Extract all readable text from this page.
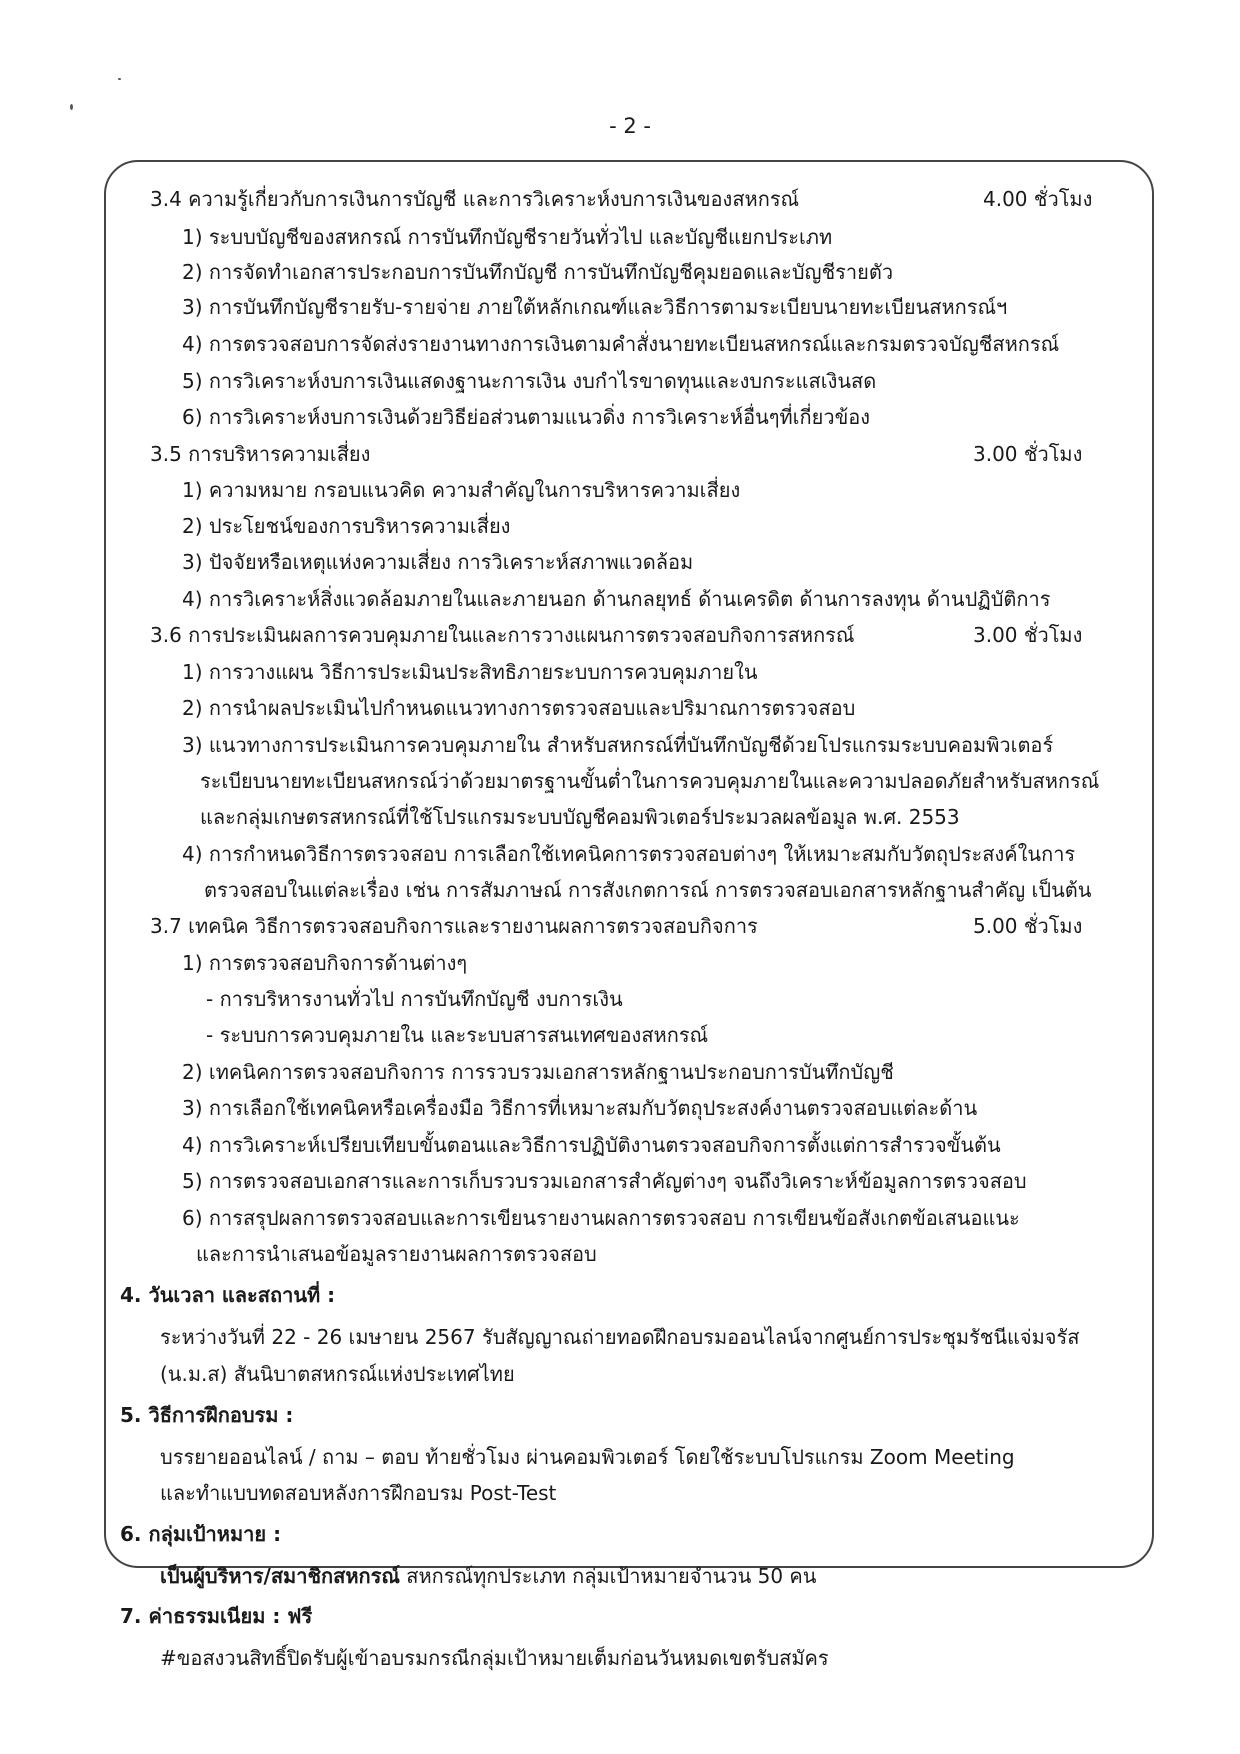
- 2 -
3.4 ความรู้เกี่ยวกับการเงินการบัญชี และการวิเคราะห์งบการเงินของสหกรณ์	4.00 ชั่วโมง
1) ระบบบัญชีของสหกรณ์ การบันทึกบัญชีรายวันทั่วไป และบัญชีแยกประเภท
2) การจัดทำเอกสารประกอบการบันทึกบัญชี การบันทึกบัญชีคุมยอดและบัญชีรายตัว
3) การบันทึกบัญชีรายรับ-รายจ่าย ภายใต้หลักเกณฑ์และวิธีการตามระเบียบนายทะเบียนสหกรณ์ฯ
4) การตรวจสอบการจัดส่งรายงานทางการเงินตามคำสั่งนายทะเบียนสหกรณ์และกรมตรวจบัญชีสหกรณ์
5) การวิเคราะห์งบการเงินแสดงฐานะการเงิน งบกำไรขาดทุนและงบกระแสเงินสด
6) การวิเคราะห์งบการเงินด้วยวิธีย่อส่วนตามแนวดิ่ง การวิเคราะห์อื่นๆที่เกี่ยวข้อง
3.5 การบริหารความเสี่ยง	3.00 ชั่วโมง
1) ความหมาย กรอบแนวคิด ความสำคัญในการบริหารความเสี่ยง
2) ประโยชน์ของการบริหารความเสี่ยง
3) ปัจจัยหรือเหตุแห่งความเสี่ยง การวิเคราะห์สภาพแวดล้อม
4) การวิเคราะห์สิ่งแวดล้อมภายในและภายนอก ด้านกลยุทธ์ ด้านเครดิต ด้านการลงทุน ด้านปฏิบัติการ
3.6 การประเมินผลการควบคุมภายในและการวางแผนการตรวจสอบกิจการสหกรณ์	3.00 ชั่วโมง
1) การวางแผน วิธีการประเมินประสิทธิภายระบบการควบคุมภายใน
2) การนำผลประเมินไปกำหนดแนวทางการตรวจสอบและปริมาณการตรวจสอบ
3) แนวทางการประเมินการควบคุมภายใน สำหรับสหกรณ์ที่บันทึกบัญชีด้วยโปรแกรมระบบคอมพิวเตอร์
ระเบียบนายทะเบียนสหกรณ์ว่าด้วยมาตรฐานขั้นต่ำในการควบคุมภายในและความปลอดภัยสำหรับสหกรณ์
และกลุ่มเกษตรสหกรณ์ที่ใช้โปรแกรมระบบบัญชีคอมพิวเตอร์ประมวลผลข้อมูล พ.ศ. 2553
4) การกำหนดวิธีการตรวจสอบ การเลือกใช้เทคนิคการตรวจสอบต่างๆ ให้เหมาะสมกับวัตถุประสงค์ในการ
ตรวจสอบในแต่ละเรื่อง เช่น การสัมภาษณ์ การสังเกตการณ์ การตรวจสอบเอกสารหลักฐานสำคัญ เป็นต้น
3.7 เทคนิค วิธีการตรวจสอบกิจการและรายงานผลการตรวจสอบกิจการ	5.00 ชั่วโมง
1) การตรวจสอบกิจการด้านต่างๆ
- การบริหารงานทั่วไป การบันทึกบัญชี งบการเงิน
- ระบบการควบคุมภายใน และระบบสารสนเทศของสหกรณ์
2) เทคนิคการตรวจสอบกิจการ การรวบรวมเอกสารหลักฐานประกอบการบันทึกบัญชี
3) การเลือกใช้เทคนิคหรือเครื่องมือ วิธีการที่เหมาะสมกับวัตถุประสงค์งานตรวจสอบแต่ละด้าน
4) การวิเคราะห์เปรียบเทียบขั้นตอนและวิธีการปฏิบัติงานตรวจสอบกิจการตั้งแต่การสำรวจขั้นต้น
5) การตรวจสอบเอกสารและการเก็บรวบรวมเอกสารสำคัญต่างๆ จนถึงวิเคราะห์ข้อมูลการตรวจสอบ
6) การสรุปผลการตรวจสอบและการเขียนรายงานผลการตรวจสอบ การเขียนข้อสังเกตข้อเสนอแนะ
และการนำเสนอข้อมูลรายงานผลการตรวจสอบ
4. วันเวลา และสถานที่ :
ระหว่างวันที่ 22 - 26 เมษายน 2567 รับสัญญาณถ่ายทอดฝึกอบรมออนไลน์จากศูนย์การประชุมรัชนีแจ่มจรัส
(น.ม.ส) สันนิบาตสหกรณ์แห่งประเทศไทย
5. วิธีการฝึกอบรม :
บรรยายออนไลน์ / ถาม – ตอบ ท้ายชั่วโมง ผ่านคอมพิวเตอร์ โดยใช้ระบบโปรแกรม Zoom Meeting
และทำแบบทดสอบหลังการฝึกอบรม Post-Test
6. กลุ่มเป้าหมาย :
เป็นผู้บริหาร/สมาชิกสหกรณ์ สหกรณ์ทุกประเภท กลุ่มเป้าหมายจำนวน 50 คน
7. ค่าธรรมเนียม : ฟรี
#ขอสงวนสิทธิ์ปิดรับผู้เข้าอบรมกรณีกลุ่มเป้าหมายเต็มก่อนวันหมดเขตรับสมัคร
